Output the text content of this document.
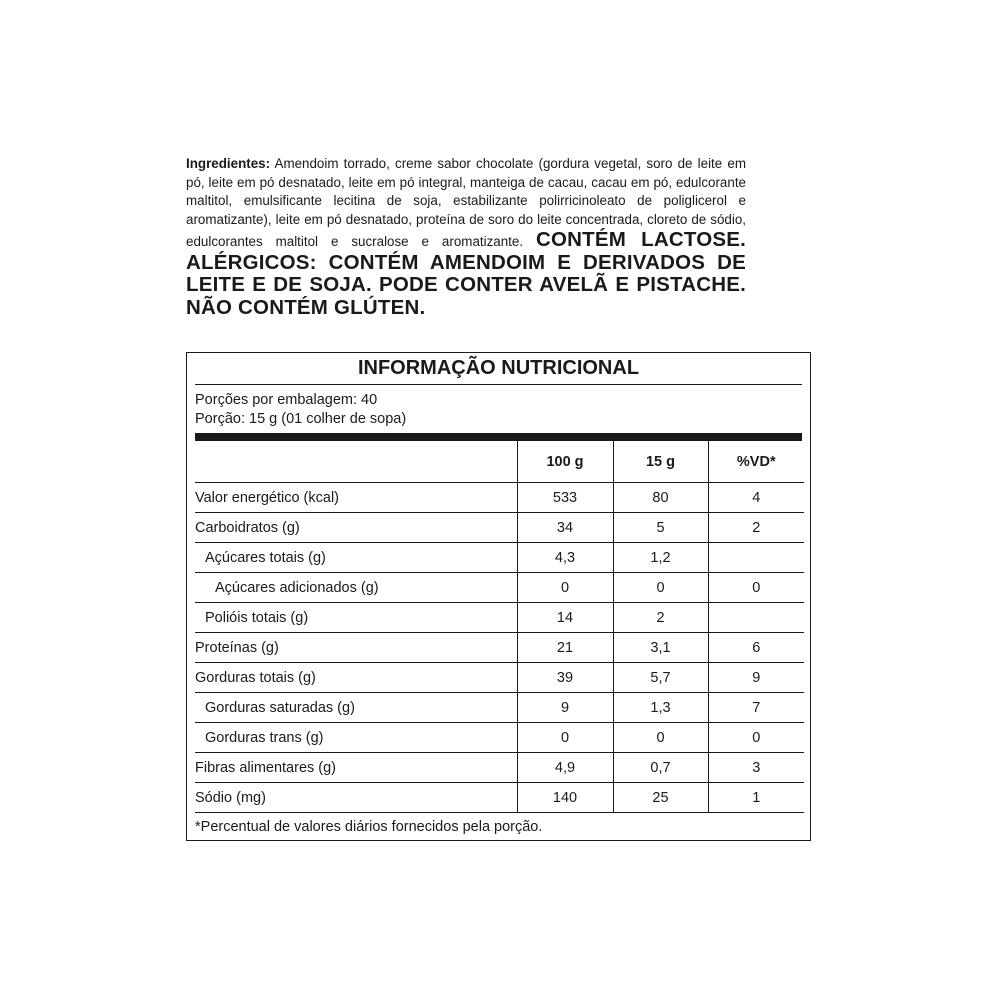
Ingredientes: Amendoim torrado, creme sabor chocolate (gordura vegetal, soro de leite em pó, leite em pó desnatado, leite em pó integral, manteiga de cacau, cacau em pó, edulcorante maltitol, emulsificante lecitina de soja, estabilizante polirricinoleato de poliglicerol e aromatizante), leite em pó desnatado, proteína de soro do leite concentrada, cloreto de sódio, edulcorantes maltitol e sucralose e aromatizante. CONTÉM LACTOSE. ALÉRGICOS: CONTÉM AMENDOIM E DERIVADOS DE LEITE E DE SOJA. PODE CONTER AVELÃ E PISTACHE. NÃO CONTÉM GLÚTEN.
INFORMAÇÃO NUTRICIONAL
Porções por embalagem: 40
Porção: 15 g (01 colher de sopa)
	100 g	15 g	%VD*
Valor energético (kcal)	533	80	4
Carboidratos (g)	34	5	2
Açúcares totais (g)	4,3	1,2	
Açúcares adicionados (g)	0	0	0
Polióis totais (g)	14	2	
Proteínas (g)	21	3,1	6
Gorduras totais (g)	39	5,7	9
Gorduras saturadas (g)	9	1,3	7
Gorduras trans (g)	0	0	0
Fibras alimentares (g)	4,9	0,7	3
Sódio (mg)	140	25	1
*Percentual de valores diários fornecidos pela porção.
